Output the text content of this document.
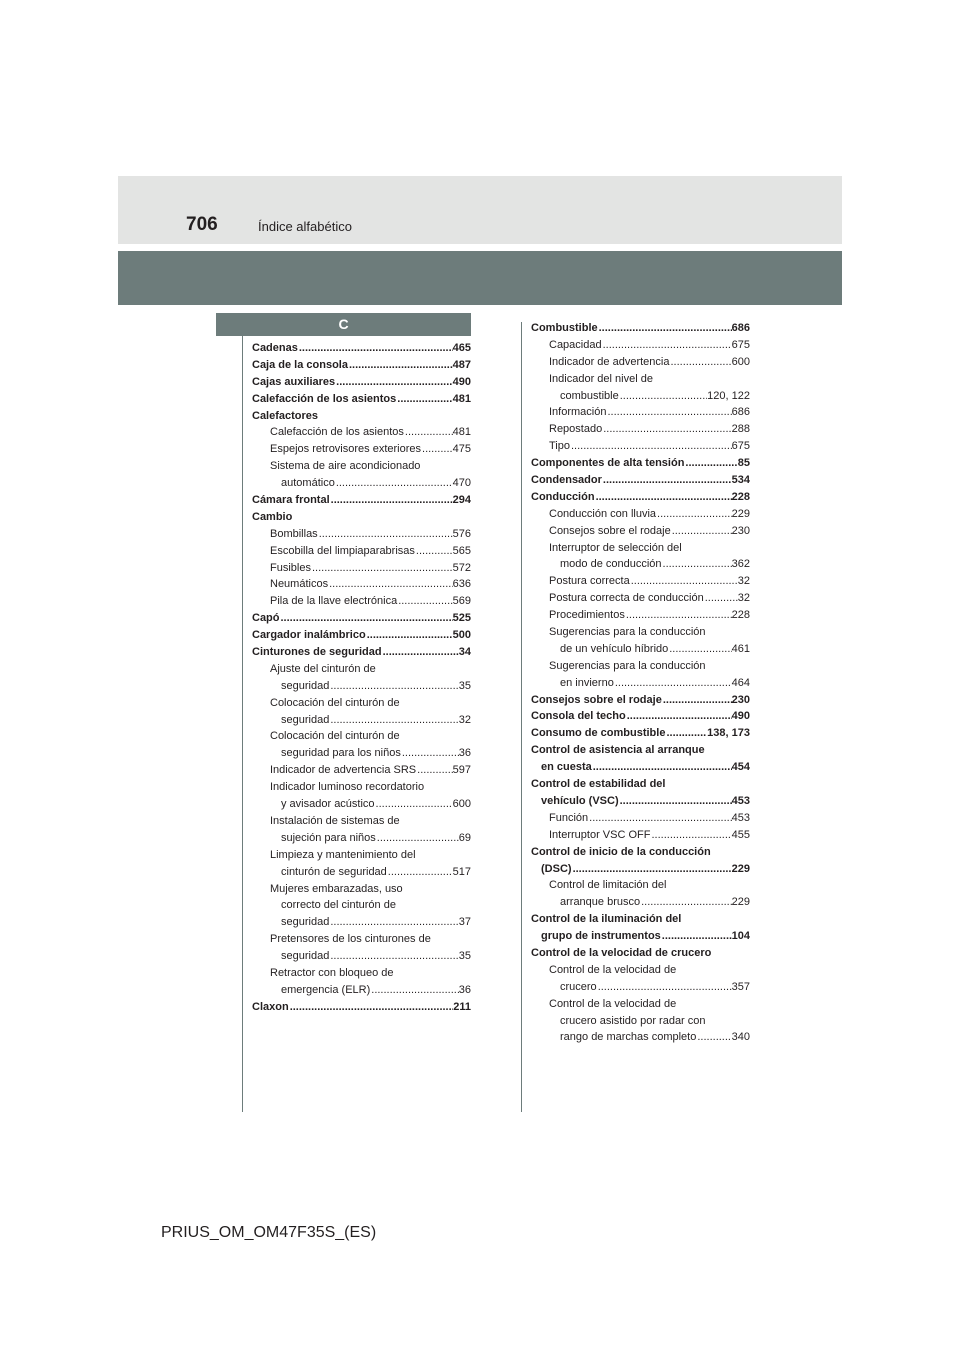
706	Índice alfabético
C
Cadenas .....	465
Caja de la consola .....	487
Cajas auxiliares .....	490
Calefacción de los asientos .....	481
Calefactores
Calefacción de los asientos .....	481
Espejos retrovisores exteriores .....	475
Sistema de aire acondicionado
automático .....	470
Cámara frontal .....	294
Cambio
Bombillas .....	576
Escobilla del limpiaparabrisas .....	565
Fusibles .....	572
Neumáticos .....	636
Pila de la llave electrónica .....	569
Capó .....	525
Cargador inalámbrico .....	500
Cinturones de seguridad .....	34
Ajuste del cinturón de
seguridad .....	35
Colocación del cinturón de
seguridad .....	32
Colocación del cinturón de
seguridad para los niños .....	36
Indicador de advertencia SRS .....	597
Indicador luminoso recordatorio
y avisador acústico .....	600
Instalación de sistemas de
sujeción para niños .....	69
Limpieza y mantenimiento del
cinturón de seguridad .....	517
Mujeres embarazadas, uso
correcto del cinturón de
seguridad .....	37
Pretensores de los cinturones de
seguridad .....	35
Retractor con bloqueo de
emergencia (ELR) .....	36
Claxon .....	211
Combustible .....	686
Capacidad .....	675
Indicador de advertencia .....	600
Indicador del nivel de
combustible .....	120, 122
Información .....	686
Repostado .....	288
Tipo .....	675
Componentes de alta tensión .....	85
Condensador .....	534
Conducción .....	228
Conducción con lluvia .....	229
Consejos sobre el rodaje .....	230
Interruptor de selección del
modo de conducción .....	362
Postura correcta .....	32
Postura correcta de conducción .....	32
Procedimientos .....	228
Sugerencias para la conducción
de un vehículo híbrido .....	461
Sugerencias para la conducción
en invierno .....	464
Consejos sobre el rodaje .....	230
Consola del techo .....	490
Consumo de combustible .....	138, 173
Control de asistencia al arranque
en cuesta .....	454
Control de estabilidad del
vehículo (VSC) .....	453
Función .....	453
Interruptor VSC OFF .....	455
Control de inicio de la conducción
(DSC) .....	229
Control de limitación del
arranque brusco .....	229
Control de la iluminación del
grupo de instrumentos .....	104
Control de la velocidad de crucero
Control de la velocidad de
crucero .....	357
Control de la velocidad de
crucero asistido por radar con
rango de marchas completo .....	340
PRIUS_OM_OM47F35S_(ES)
